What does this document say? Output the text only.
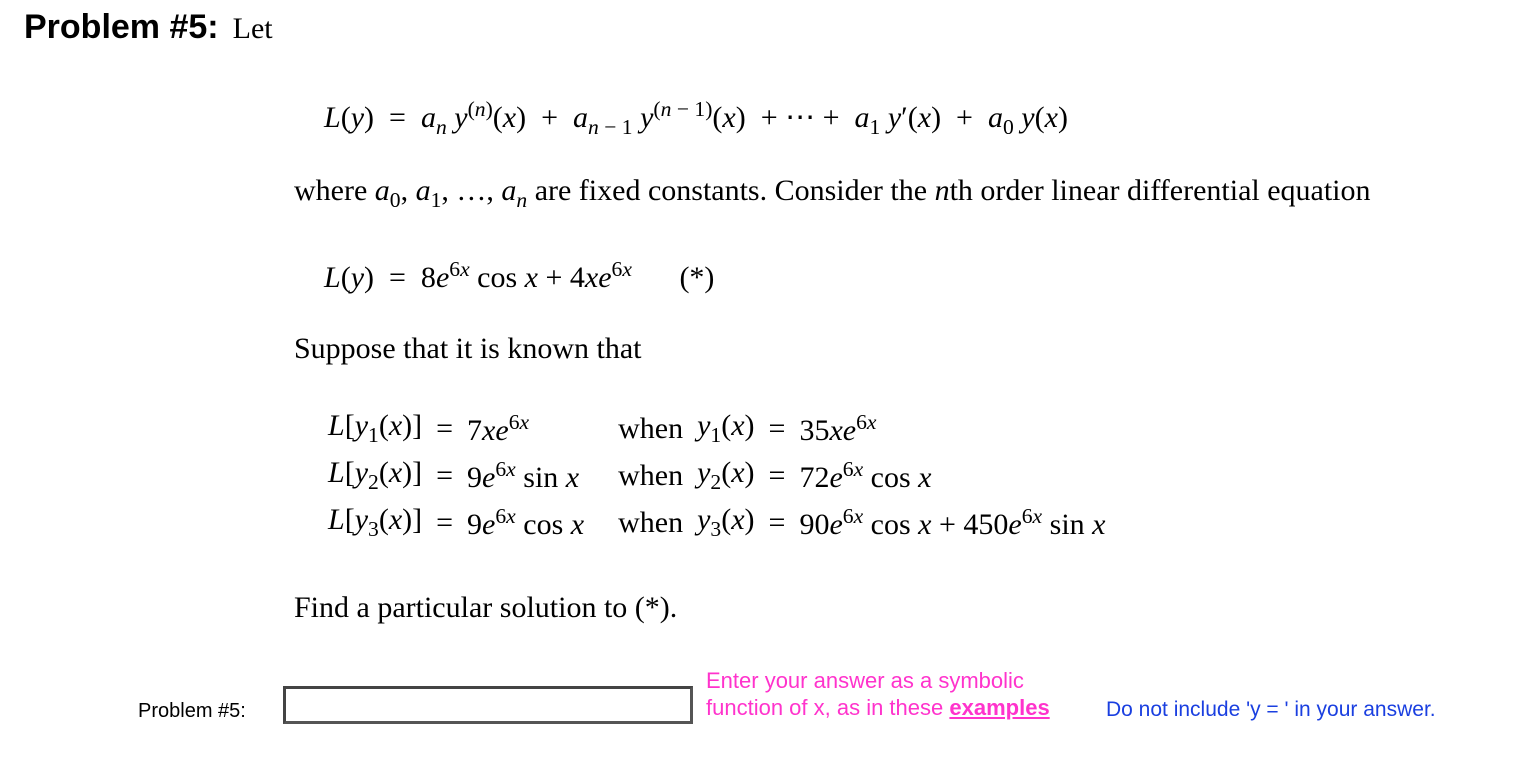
Problem #5: Let
$L(y) = a_n$ $y^{(n)}(x) + a_{n - 1}$ $y^{(n - 1)}(x)$  + ⋯ +  $a_1$ $y'(x) + a_0$ y(x)
where $a_0$, $a_1$, …, $a_n$ are fixed constants. Consider the nth order linear differential equation
$L(y) = 8e^{6x}$ $\cos x + 4xe^{6x}$ (*)
Suppose that it is known that
$L[y_1(x)]$	=	$7xe^{6x}$	when	$y_1(x)$	=	$35xe^{6x}$
$L[y_2(x)]$	=	$9e^{6x}$ sin x	when	$y_2(x)$	=	$72e^{6x}$ cos x
$L[y_3(x)]$	=	$9e^{6x}$ cos x	when	$y_3(x)$	=	$90e^{6x}$ $\cos x + 450e^{6x}$ sin x
Find a particular solution to (*).
Problem #5:
Enter your answer as a symbolic function of x, as in these examples	Do not include 'y = ' in your answer.
